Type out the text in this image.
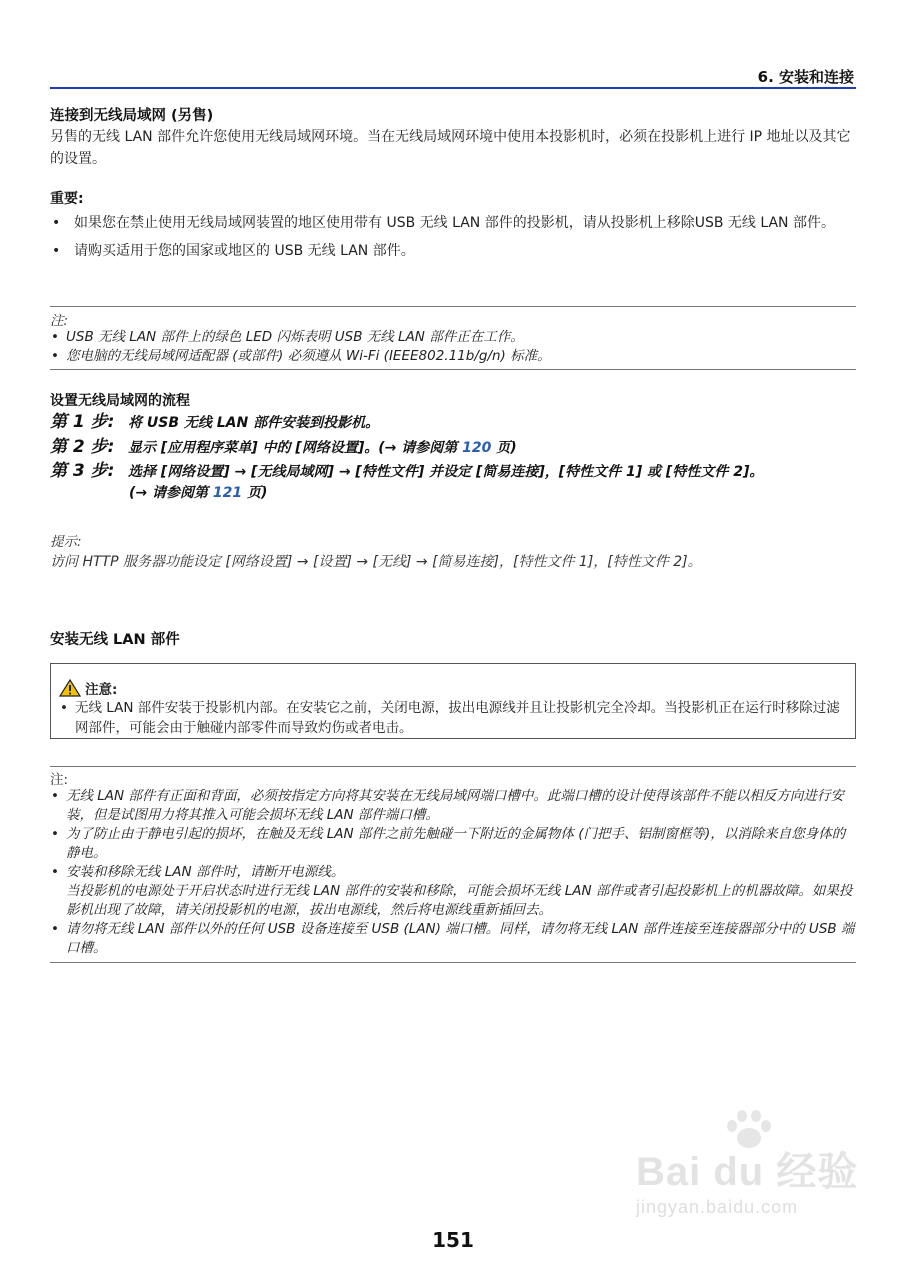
6. 安装和连接
连接到无线局域网 (另售)
另售的无线 LAN 部件允许您使用无线局域网环境。当在无线局域网环境中使用本投影机时，必须在投影机上进行 IP 地址以及其它的设置。
重要:
• 如果您在禁止使用无线局域网装置的地区使用带有 USB 无线 LAN 部件的投影机，请从投影机上移除USB 无线 LAN 部件。
• 请购买适用于您的国家或地区的 USB 无线 LAN 部件。
注:
• USB 无线 LAN 部件上的绿色 LED 闪烁表明 USB 无线 LAN 部件正在工作。
• 您电脑的无线局域网适配器 (或部件) 必须遵从 Wi-Fi (IEEE802.11b/g/n) 标准。
设置无线局域网的流程
第 1 步: 将 USB 无线 LAN 部件安装到投影机。
第 2 步: 显示 [应用程序菜单] 中的 [网络设置]。(→ 请参阅第 120 页)
第 3 步: 选择 [网络设置] → [无线局域网] → [特性文件] 并设定 [简易连接]，[特性文件 1] 或 [特性文件 2]。
(→ 请参阅第 121 页)
提示:
访问 HTTP 服务器功能设定 [网络设置] → [设置] → [无线] → [简易连接]，[特性文件 1]，[特性文件 2]。
安装无线 LAN 部件
注意:
• 无线 LAN 部件安装于投影机内部。在安装它之前，关闭电源，拔出电源线并且让投影机完全冷却。当投影机正在运行时移除过滤网部件，可能会由于触碰内部零件而导致灼伤或者电击。
注:
• 无线 LAN 部件有正面和背面，必须按指定方向将其安装在无线局域网端口槽中。此端口槽的设计使得该部件不能以相反方向进行安装，但是试图用力将其推入可能会损坏无线 LAN 部件端口槽。
• 为了防止由于静电引起的损坏，在触及无线 LAN 部件之前先触碰一下附近的金属物体 (门把手、铝制窗框等)，以消除来自您身体的静电。
• 安装和移除无线 LAN 部件时，请断开电源线。
当投影机的电源处于开启状态时进行无线 LAN 部件的安装和移除，可能会损坏无线 LAN 部件或者引起投影机上的机器故障。如果投影机出现了故障，请关闭投影机的电源，拔出电源线，然后将电源线重新插回去。
• 请勿将无线 LAN 部件以外的任何 USB 设备连接至 USB (LAN) 端口槽。同样，请勿将无线 LAN 部件连接至连接器部分中的 USB 端口槽。
Bai du 经验
jingyan.baidu.com
151
